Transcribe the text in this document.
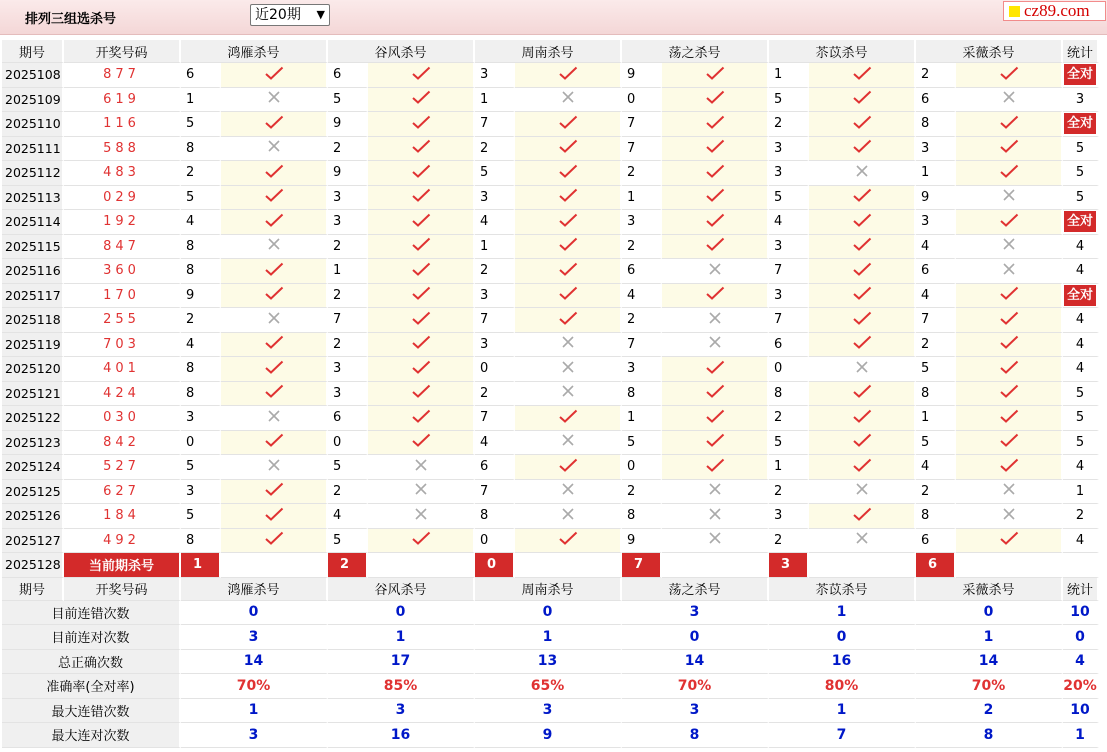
排列三组选杀号	近20期 ▼	cz89.com
期号	开奖号码	鸿雁杀号		谷风杀号		周南杀号		荡之杀号		苶苡杀号		采薇杀号		统计
2025108	877	6		6		3		9		1		2		全对
2025109	619	1		5		1		0		5		6		3
2025110	116	5		9		7		7		2		8		全对
2025111	588	8		2		2		7		3		3		5
2025112	483	2		9		5		2		3		1		5
2025113	029	5		3		3		1		5		9		5
2025114	192	4		3		4		3		4		3		全对
2025115	847	8		2		1		2		3		4		4
2025116	360	8		1		2		6		7		6		4
2025117	170	9		2		3		4		3		4		全对
2025118	255	2		7		7		2		7		7		4
2025119	703	4		2		3		7		6		2		4
2025120	401	8		3		0		3		0		5		4
2025121	424	8		3		2		8		8		8		5
2025122	030	3		6		7		1		2		1		5
2025123	842	0		0		4		5		5		5		5
2025124	527	5		5		6		0		1		4		4
2025125	627	3		2		7		2		2		2		1
2025126	184	5		4		8		8		3		8		2
2025127	492	8		5		0		9		2		6		4
2025128	当前期杀号	1		2		0		7		3		6		
期号	开奖号码	鸿雁杀号		谷风杀号		周南杀号		荡之杀号		苶苡杀号		采薇杀号		统计
目前连错次数		0		0		0		3		1		0		10
目前连对次数		3		1		1		0		0		1		0
总正确次数		14		17		13		14		16		14		4
准确率(全对率)		70%		85%		65%		70%		80%		70%		20%
最大连错次数		1		3		3		3		1		2		10
最大连对次数		3		16		9		8		7		8		1
